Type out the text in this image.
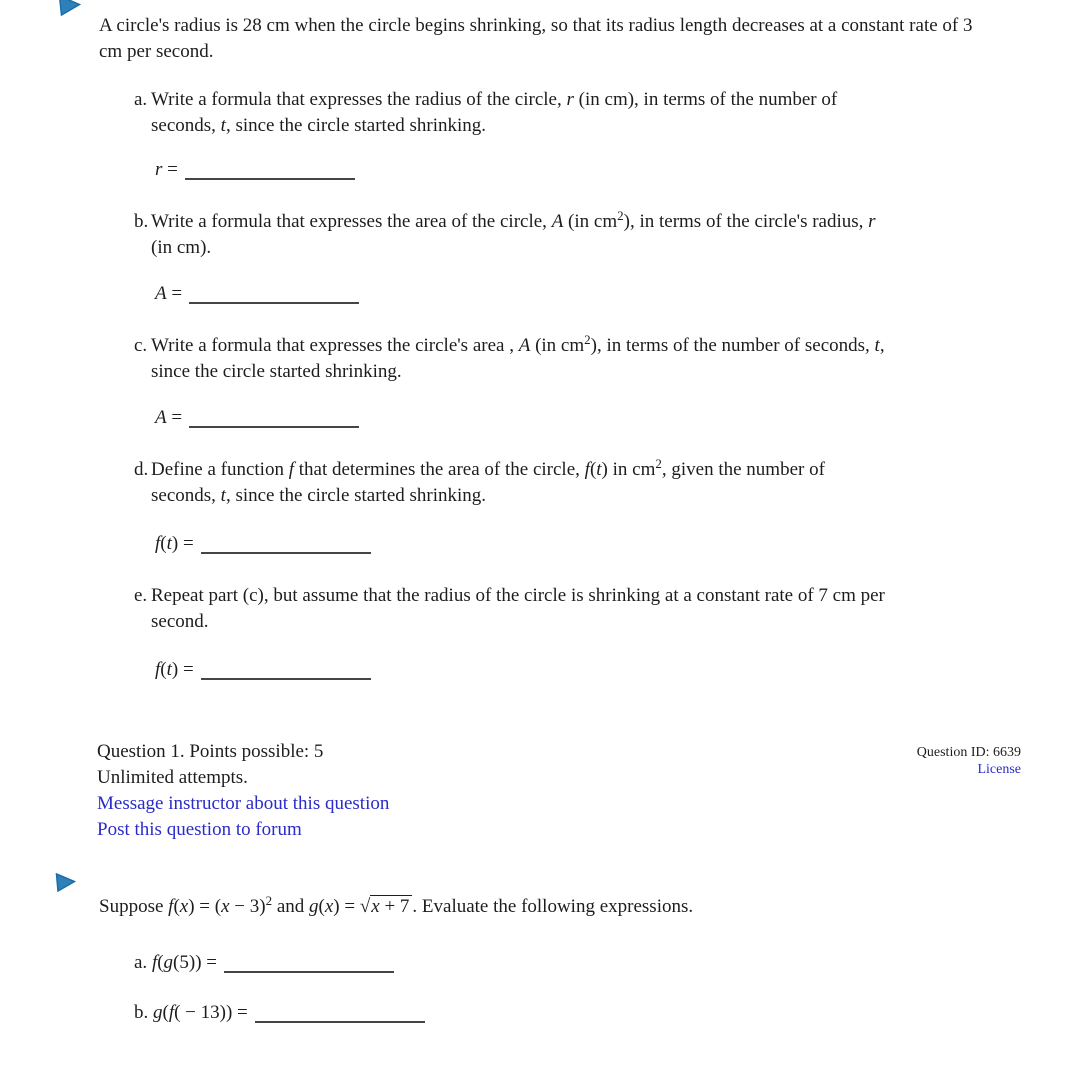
A circle's radius is 28 cm when the circle begins shrinking, so that its radius length decreases at a constant rate of 3 cm per second.
a. Write a formula that expresses the radius of the circle, r (in cm), in terms of the number of
seconds, t, since the circle started shrinking.
r =
b. Write a formula that expresses the area of the circle, A (in $cm^2$), in terms of the circle's radius, r
(in cm).
A =
c. Write a formula that expresses the circle's area , A (in $cm^2$), in terms of the number of seconds, t,
since the circle started shrinking.
A =
d. Define a function f that determines the area of the circle, f(t) in $cm^2$, given the number of
seconds, t, since the circle started shrinking.
f(t) =
e. Repeat part (c), but assume that the radius of the circle is shrinking at a constant rate of 7 cm per
second.
f(t) =
Question 1. Points possible: 5
Unlimited attempts.
Message instructor about this question
Post this question to forum
Question ID: 6639
License
Suppose $f(x) = (x - 3)^2$ and g(x) = √x + 7 . Evaluate the following expressions.
a. f(g(5)) =
b. g(f( − 13)) =
